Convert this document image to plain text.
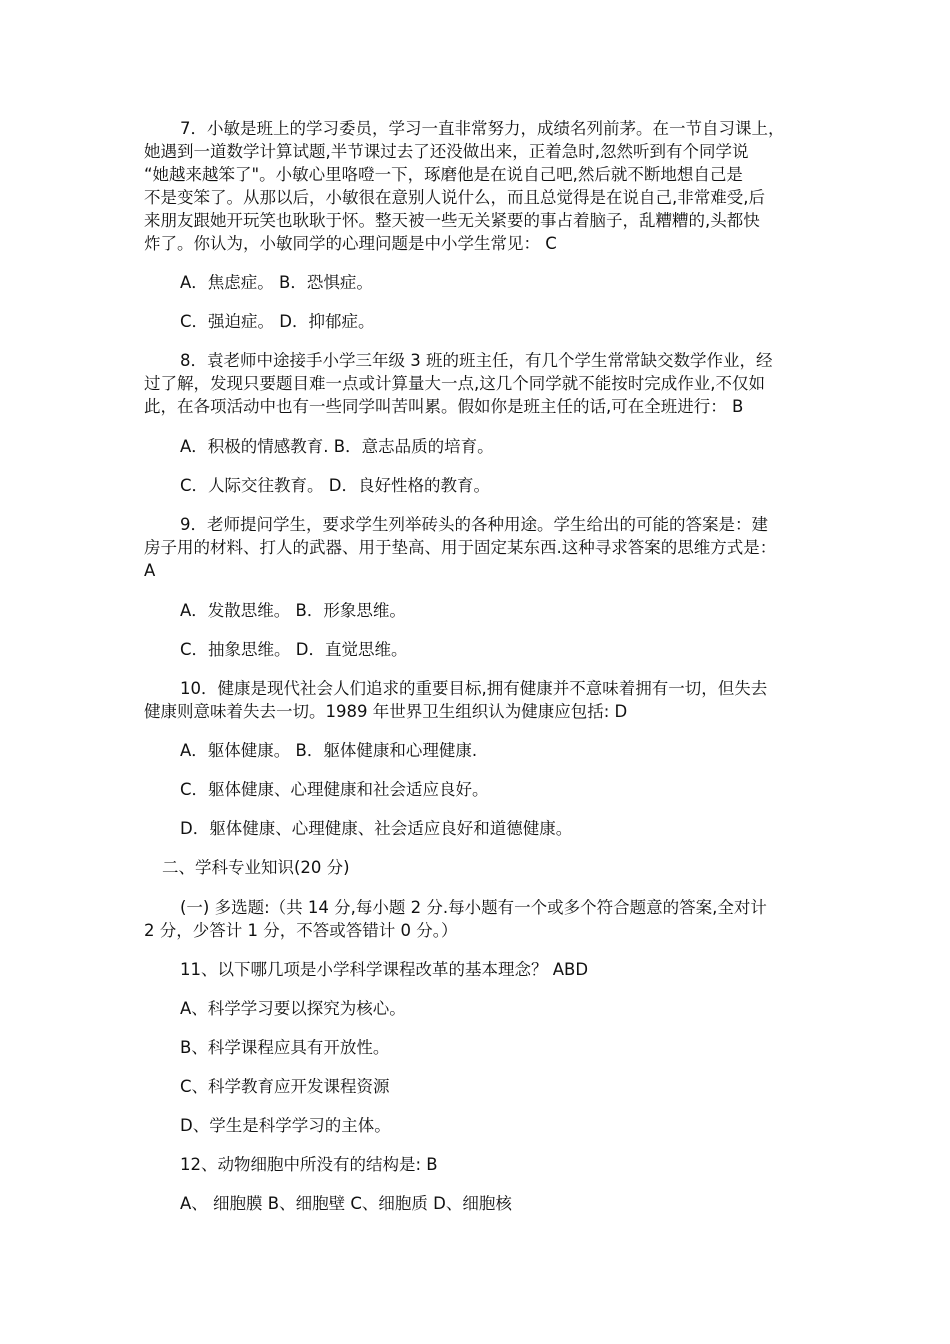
7．小敏是班上的学习委员，学习一直非常努力，成绩名列前茅。在一节自习课上，
她遇到一道数学计算试题,半节课过去了还没做出来，正着急时,忽然听到有个同学说
“她越来越笨了"。小敏心里咯噔一下，琢磨他是在说自己吧,然后就不断地想自己是
不是变笨了。从那以后，小敏很在意别人说什么，而且总觉得是在说自己,非常难受,后
来朋友跟她开玩笑也耿耿于怀。整天被一些无关紧要的事占着脑子，乱糟糟的,头都快
炸了。你认为，小敏同学的心理问题是中小学生常见： C
A．焦虑症。 B．恐惧症。
C．强迫症。 D．抑郁症。
8．袁老师中途接手小学三年级 3 班的班主任，有几个学生常常缺交数学作业，经
过了解，发现只要题目难一点或计算量大一点,这几个同学就不能按时完成作业,不仅如
此，在各项活动中也有一些同学叫苦叫累。假如你是班主任的话,可在全班进行： B
A．积极的情感教育. B．意志品质的培育。
C．人际交往教育。 D．良好性格的教育。
9．老师提问学生，要求学生列举砖头的各种用途。学生给出的可能的答案是：建
房子用的材料、打人的武器、用于垫高、用于固定某东西.这种寻求答案的思维方式是：
A
A．发散思维。 B．形象思维。
C．抽象思维。 D．直觉思维。
10．健康是现代社会人们追求的重要目标,拥有健康并不意味着拥有一切，但失去
健康则意味着失去一切。1989 年世界卫生组织认为健康应包括: D
A．躯体健康。 B．躯体健康和心理健康.
C．躯体健康、心理健康和社会适应良好。
D．躯体健康、心理健康、社会适应良好和道德健康。
二、学科专业知识(20 分)
(一) 多选题:（共 14 分,每小题 2 分.每小题有一个或多个符合题意的答案,全对计
2 分，少答计 1 分，不答或答错计 0 分。）
11、以下哪几项是小学科学课程改革的基本理念？ ABD
A、科学学习要以探究为核心。
B、科学课程应具有开放性。
C、科学教育应开发课程资源
D、学生是科学学习的主体。
12、动物细胞中所没有的结构是: B
A、 细胞膜 B、细胞壁 C、细胞质 D、细胞核
